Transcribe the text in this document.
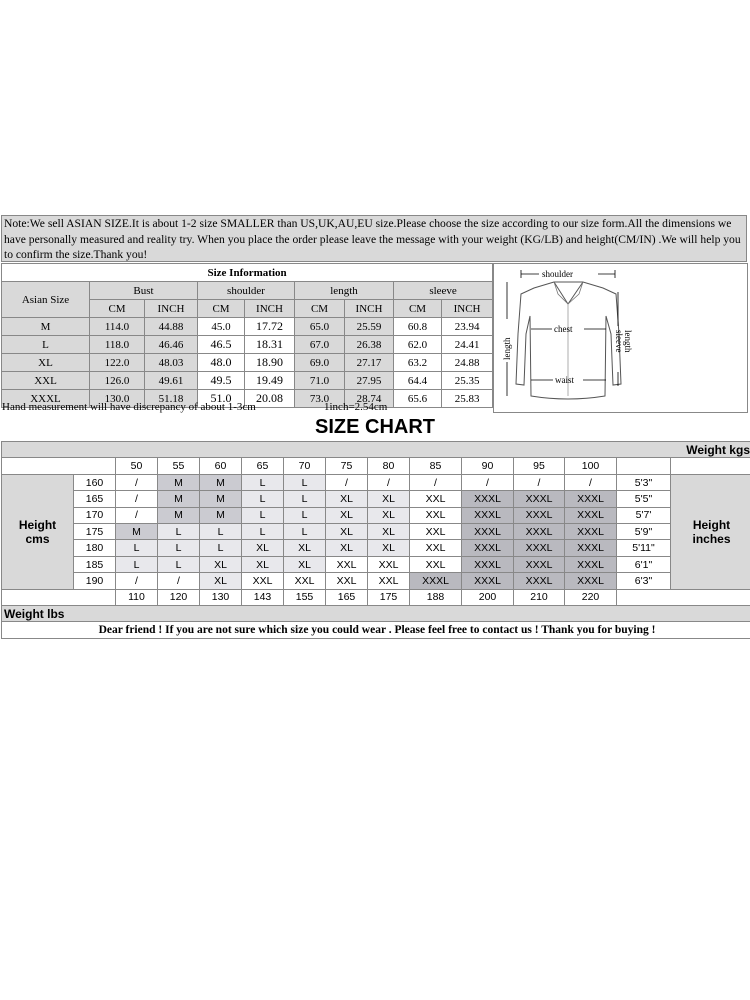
Note:We sell ASIAN SIZE.It is about 1-2 size SMALLER than US,UK,AU,EU size.Please choose the size according to our size form.All the dimensions we have personally measured and reality try. When you place the order please leave the message with your weight (KG/LB) and height(CM/IN) .We will help you to confirm the size.Thank you!
Size Information								
Asian Size	Bust		shoulder		length		sleeve	
	CM	INCH	CM	INCH	CM	INCH	CM	INCH
M	114.0	44.88	45.0	17.72	65.0	25.59	60.8	23.94
L	118.0	46.46	46.5	18.31	67.0	26.38	62.0	24.41
XL	122.0	48.03	48.0	18.90	69.0	27.17	63.2	24.88
XXL	126.0	49.61	49.5	19.49	71.0	27.95	64.4	25.35
XXXL	130.0	51.18	51.0	20.08	73.0	28.74	65.6	25.83
Hand measurement will have discrepancy of about 1-3cm	1inch=2.54cm
shoulder
chest
waist
length	sleeve length
SIZE CHART
Weight kgs														
		50	55	60	65	70	75	80	85	90	95	100		
Height
cms	160	/	M	M	L	L	/	/	/	/	/	/	5'3"	Height
inches
	165	/	M	M	L	L	XL	XL	XXL	XXXL	XXXL	XXXL	5'5"	
	170	/	M	M	L	L	XL	XL	XXL	XXXL	XXXL	XXXL	5'7'	
	175	M	L	L	L	L	XL	XL	XXL	XXXL	XXXL	XXXL	5'9"	
	180	L	L	L	XL	XL	XL	XL	XXL	XXXL	XXXL	XXXL	5'11"	
	185	L	L	XL	XL	XL	XXL	XXL	XXL	XXXL	XXXL	XXXL	6'1"	
	190	/	/	XL	XXL	XXL	XXL	XXL	XXXL	XXXL	XXXL	XXXL	6'3"	
		110	120	130	143	155	165	175	188	200	210	220		
Weight lbs														
Dear friend ! If you are not sure which size you could wear . Please feel free to contact us ! Thank you for buying !														
